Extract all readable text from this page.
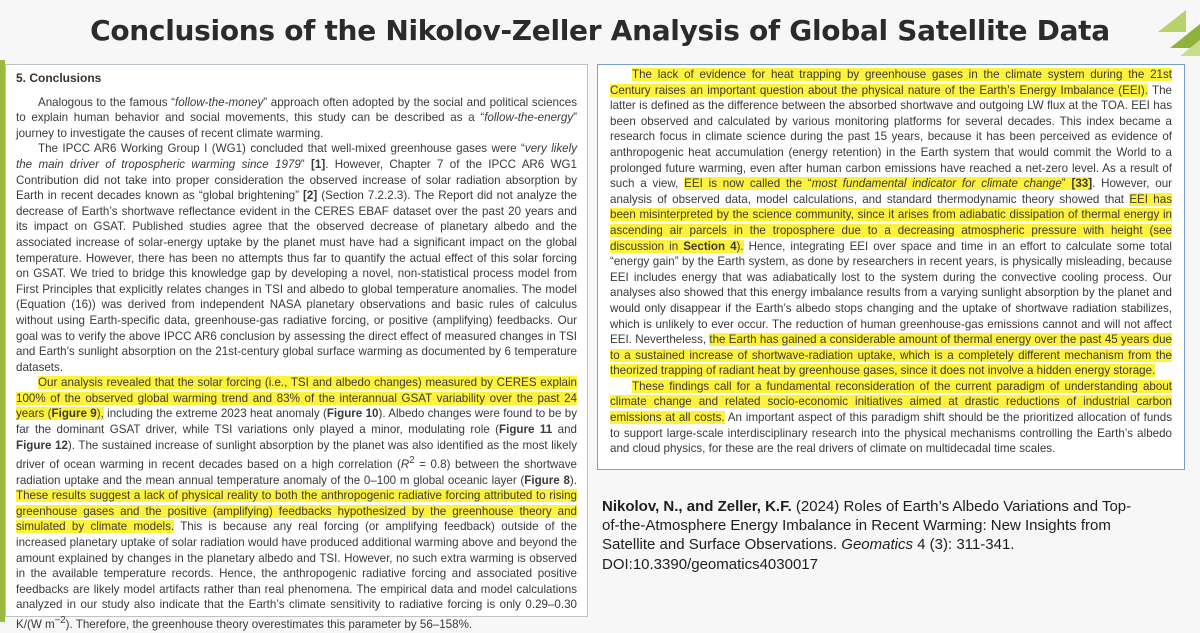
Conclusions of the Nikolov-Zeller Analysis of Global Satellite Data
5. Conclusions

Analogous to the famous “follow-the-money” approach often adopted by the social and political sciences to explain human behavior and social movements, this study can be described as a “follow-the-energy” journey to investigate the causes of recent climate warming.

The IPCC AR6 Working Group I (WG1) concluded that well-mixed greenhouse gases were “very likely the main driver of tropospheric warming since 1979” [1]. However, Chapter 7 of the IPCC AR6 WG1 Contribution did not take into proper consideration the observed increase of solar radiation absorption by Earth in recent decades known as “global brightening” [2] (Section 7.2.2.3). The Report did not analyze the decrease of Earth’s shortwave reflectance evident in the CERES EBAF dataset over the past 20 years and its impact on GSAT. Published studies agree that the observed decrease of planetary albedo and the associated increase of solar-energy uptake by the planet must have had a significant impact on the global temperature. However, there has been no attempts thus far to quantify the actual effect of this solar forcing on GSAT. We tried to bridge this knowledge gap by developing a novel, non-statistical process model from First Principles that explicitly relates changes in TSI and albedo to global temperature anomalies. The model (Equation (16)) was derived from independent NASA planetary observations and basic rules of calculus without using Earth-specific data, greenhouse-gas radiative forcing, or positive (amplifying) feedbacks. Our goal was to verify the above IPCC AR6 conclusion by assessing the direct effect of measured changes in TSI and Earth’s sunlight absorption on the 21st-century global surface warming as documented by 6 temperature datasets.

Our analysis revealed that the solar forcing (i.e., TSI and albedo changes) measured by CERES explain 100% of the observed global warming trend and 83% of the interannual GSAT variability over the past 24 years (Figure 9), including the extreme 2023 heat anomaly (Figure 10). Albedo changes were found to be by far the dominant GSAT driver, while TSI variations only played a minor, modulating role (Figure 11 and Figure 12). The sustained increase of sunlight absorption by the planet was also identified as the most likely driver of ocean warming in recent decades based on a high correlation $(R^2 = 0.8)$ between the shortwave radiation uptake and the mean annual temperature anomaly of the 0–100 m global oceanic layer (Figure 8). These results suggest a lack of physical reality to both the anthropogenic radiative forcing attributed to rising greenhouse gases and the positive (amplifying) feedbacks hypothesized by the greenhouse theory and simulated by climate models. This is because any real forcing (or amplifying feedback) outside of the increased planetary uptake of solar radiation would have produced additional warming above and beyond the amount explained by changes in the planetary albedo and TSI. However, no such extra warming is observed in the available temperature records. Hence, the anthropogenic radiative forcing and associated positive feedbacks are likely model artifacts rather than real phenomena. The empirical data and model calculations analyzed in our study also indicate that the Earth’s climate sensitivity to radiative forcing is only 0.29–0.30 K/(W $m^{-2}$). Therefore, the greenhouse theory overestimates this parameter by 56–158%.

The lack of evidence for heat trapping by greenhouse gases in the climate system during the 21st Century raises an important question about the physical nature of the Earth’s Energy Imbalance (EEI). The latter is defined as the difference between the absorbed shortwave and outgoing LW flux at the TOA. EEI has been observed and calculated by various monitoring platforms for several decades. This index became a research focus in climate science during the past 15 years, because it has been perceived as evidence of anthropogenic heat accumulation (energy retention) in the Earth system that would commit the World to a prolonged future warming, even after human carbon emissions have reached a net-zero level. As a result of such a view, EEI is now called the “most fundamental indicator for climate change” [33]. However, our analysis of observed data, model calculations, and standard thermodynamic theory showed that EEI has been misinterpreted by the science community, since it arises from adiabatic dissipation of thermal energy in ascending air parcels in the troposphere due to a decreasing atmospheric pressure with height (see discussion in Section 4). Hence, integrating EEI over space and time in an effort to calculate some total “energy gain” by the Earth system, as done by researchers in recent years, is physically misleading, because EEI includes energy that was adiabatically lost to the system during the convective cooling process. Our analyses also showed that this energy imbalance results from a varying sunlight absorption by the planet and would only disappear if the Earth’s albedo stops changing and the uptake of shortwave radiation stabilizes, which is unlikely to ever occur. The reduction of human greenhouse-gas emissions cannot and will not affect EEI. Nevertheless, the Earth has gained a considerable amount of thermal energy over the past 45 years due to a sustained increase of shortwave-radiation uptake, which is a completely different mechanism from the theorized trapping of radiant heat by greenhouse gases, since it does not involve a hidden energy storage.

These findings call for a fundamental reconsideration of the current paradigm of understanding about climate change and related socio-economic initiatives aimed at drastic reductions of industrial carbon emissions at all costs. An important aspect of this paradigm shift should be the prioritized allocation of funds to support large-scale interdisciplinary research into the physical mechanisms controlling the Earth’s albedo and cloud physics, for these are the real drivers of climate on multidecadal time scales.

Nikolov, N., and Zeller, K.F. (2024) Roles of Earth’s Albedo Variations and Top-of-the-Atmosphere Energy Imbalance in Recent Warming: New Insights from Satellite and Surface Observations. Geomatics 4 (3): 311-341.
DOI:10.3390/geomatics4030017
